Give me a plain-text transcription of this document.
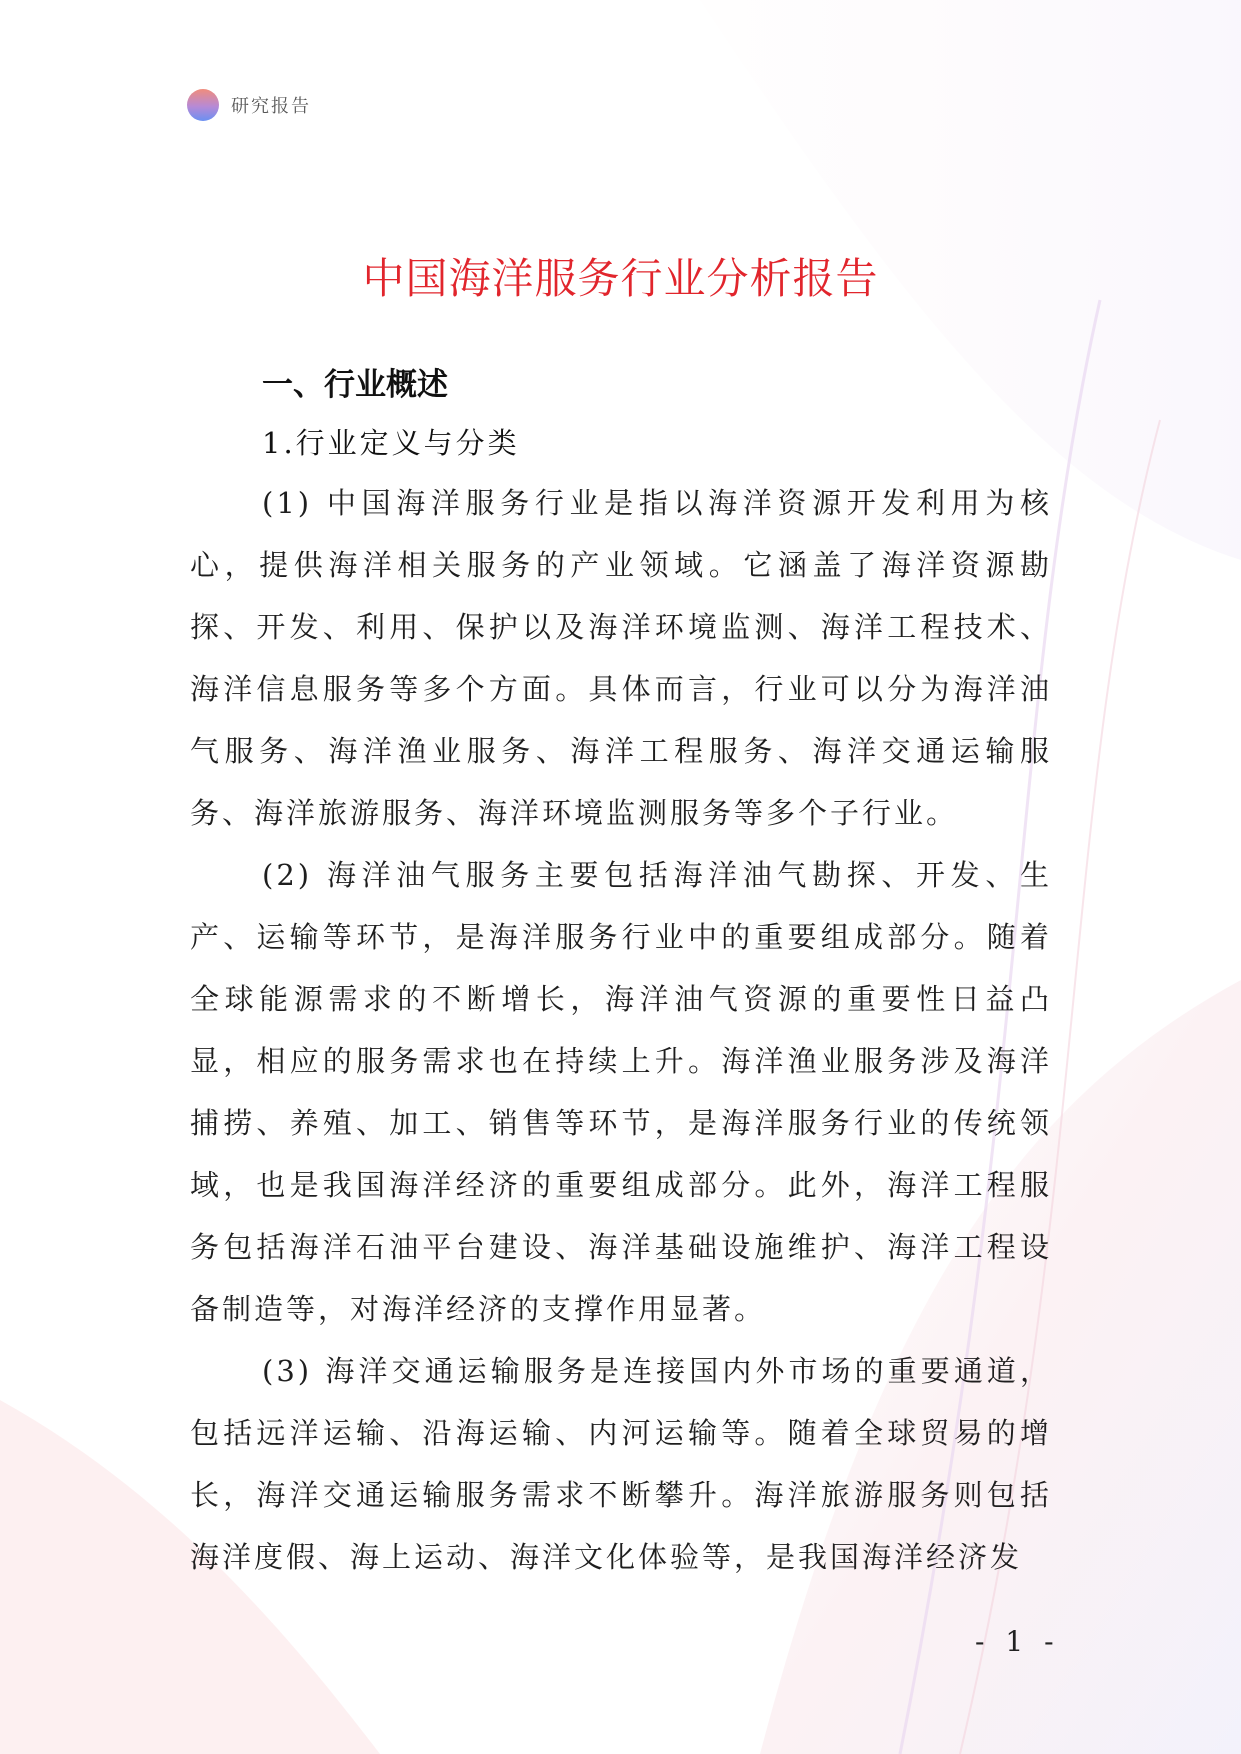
研究报告
中国海洋服务行业分析报告
一、行业概述
1.行业定义与分类

(1) 中国海洋服务行业是指以海洋资源开发利用为核心，提供海洋相关服务的产业领域。它涵盖了海洋资源勘探、开发、利用、保护以及海洋环境监测、海洋工程技术、海洋信息服务等多个方面。具体而言，行业可以分为海洋油气服务、海洋渔业服务、海洋工程服务、海洋交通运输服务、海洋旅游服务、海洋环境监测服务等多个子行业。

(2) 海洋油气服务主要包括海洋油气勘探、开发、生产、运输等环节，是海洋服务行业中的重要组成部分。随着全球能源需求的不断增长，海洋油气资源的重要性日益凸显，相应的服务需求也在持续上升。海洋渔业服务涉及海洋捕捞、养殖、加工、销售等环节，是海洋服务行业的传统领域，也是我国海洋经济的重要组成部分。此外，海洋工程服务包括海洋石油平台建设、海洋基础设施维护、海洋工程设备制造等，对海洋经济的支撑作用显著。

(3) 海洋交通运输服务是连接国内外市场的重要通道，包括远洋运输、沿海运输、内河运输等。随着全球贸易的增长，海洋交通运输服务需求不断攀升。海洋旅游服务则包括海洋度假、海上运动、海洋文化体验等，是我国海洋经济发

- 1 -
